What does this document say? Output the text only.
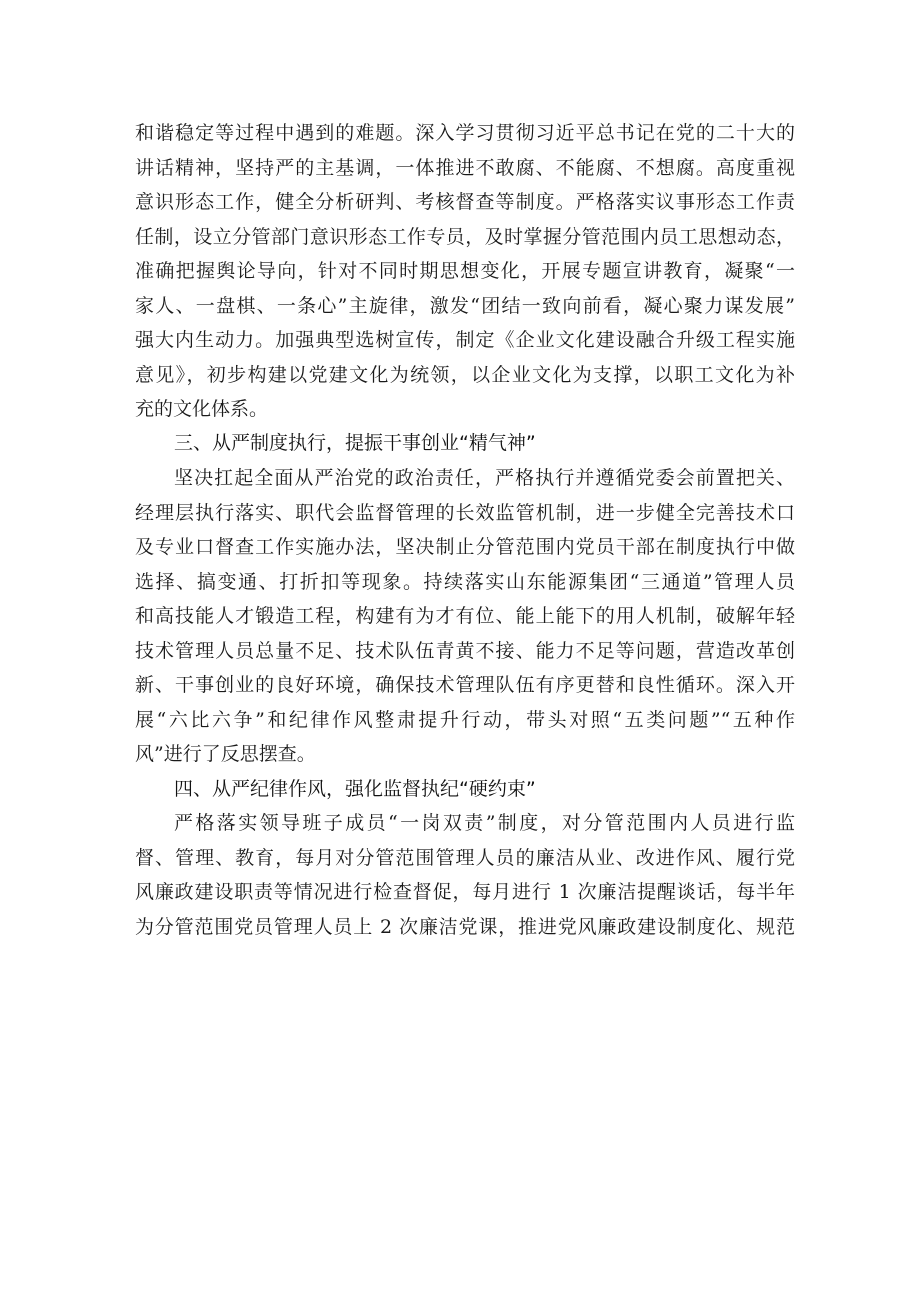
和谐稳定等过程中遇到的难题。深入学习贯彻习近平总书记在党的二十大的
讲话精神，坚持严的主基调，一体推进不敢腐、不能腐、不想腐。高度重视
意识形态工作，健全分析研判、考核督查等制度。严格落实议事形态工作责
任制，设立分管部门意识形态工作专员，及时掌握分管范围内员工思想动态，
准确把握舆论导向，针对不同时期思想变化，开展专题宣讲教育，凝聚“一
家人、一盘棋、一条心”主旋律，激发“团结一致向前看，凝心聚力谋发展”
强大内生动力。加强典型选树宣传，制定《企业文化建设融合升级工程实施
意见》，初步构建以党建文化为统领，以企业文化为支撑，以职工文化为补
充的文化体系。
三、从严制度执行，提振干事创业“精气神”
坚决扛起全面从严治党的政治责任，严格执行并遵循党委会前置把关、
经理层执行落实、职代会监督管理的长效监管机制，进一步健全完善技术口
及专业口督查工作实施办法，坚决制止分管范围内党员干部在制度执行中做
选择、搞变通、打折扣等现象。持续落实山东能源集团“三通道”管理人员
和高技能人才锻造工程，构建有为才有位、能上能下的用人机制，破解年轻
技术管理人员总量不足、技术队伍青黄不接、能力不足等问题，营造改革创
新、干事创业的良好环境，确保技术管理队伍有序更替和良性循环。深入开
展“六比六争”和纪律作风整肃提升行动，带头对照“五类问题”“五种作
风”进行了反思摆查。
四、从严纪律作风，强化监督执纪“硬约束”
严格落实领导班子成员“一岗双责”制度，对分管范围内人员进行监
督、管理、教育，每月对分管范围管理人员的廉洁从业、改进作风、履行党
风廉政建设职责等情况进行检查督促，每月进行 1 次廉洁提醒谈话，每半年
为分管范围党员管理人员上 2 次廉洁党课，推进党风廉政建设制度化、规范
